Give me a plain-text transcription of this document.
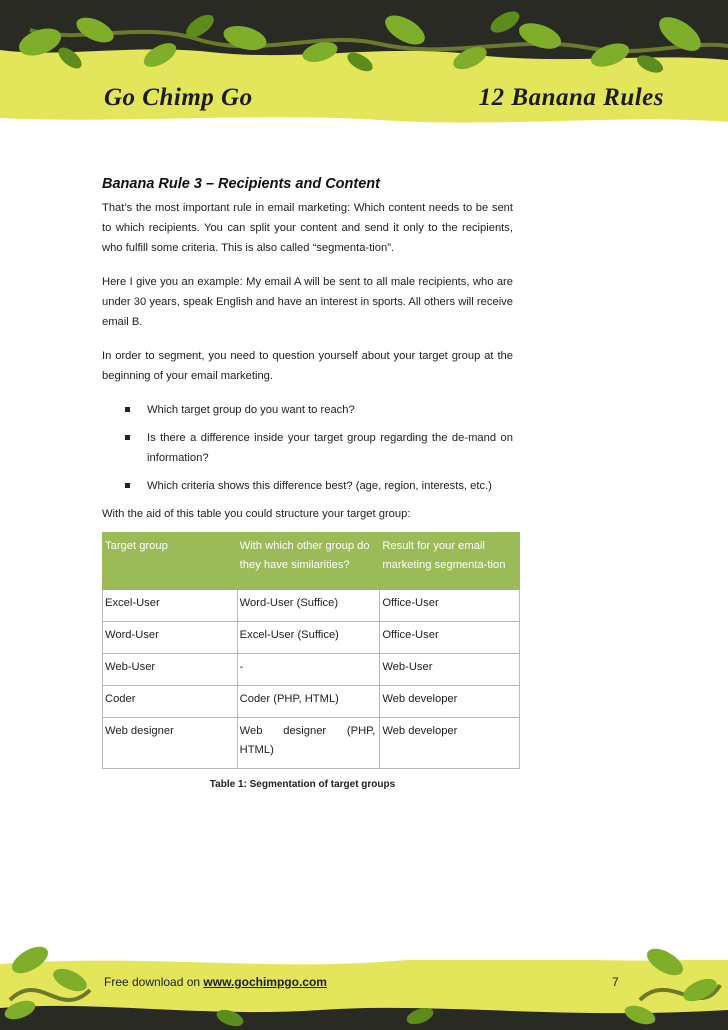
Go Chimp Go	12 Banana Rules
Banana Rule 3 – Recipients and Content

That’s the most important rule in email marketing: Which content needs to be sent to which recipients. You can split your content and send it only to the recipients, who fulfill some criteria. This is also called “segmenta-tion”.

Here I give you an example: My email A will be sent to all male recipients, who are under 30 years, speak English and have an interest in sports. All others will receive email B.

In order to segment, you need to question yourself about your target group at the beginning of your email marketing.

Which target group do you want to reach?
Is there a difference inside your target group regarding the de-mand on information?
Which criteria shows this difference best? (age, region, interests, etc.)

With the aid of this table you could structure your target group:

Target group	With which other group do they have similarities?	Result for your email marketing segmenta-tion
Excel-User	Word-User (Suffice)	Office-User
Word-User	Excel-User (Suffice)	Office-User
Web-User	-	Web-User
Coder	Coder (PHP, HTML)	Web developer
Web designer	Web designer (PHP, HTML)	Web developer
Table 1: Segmentation of target groups
Free download on www.gochimpgo.com	7
